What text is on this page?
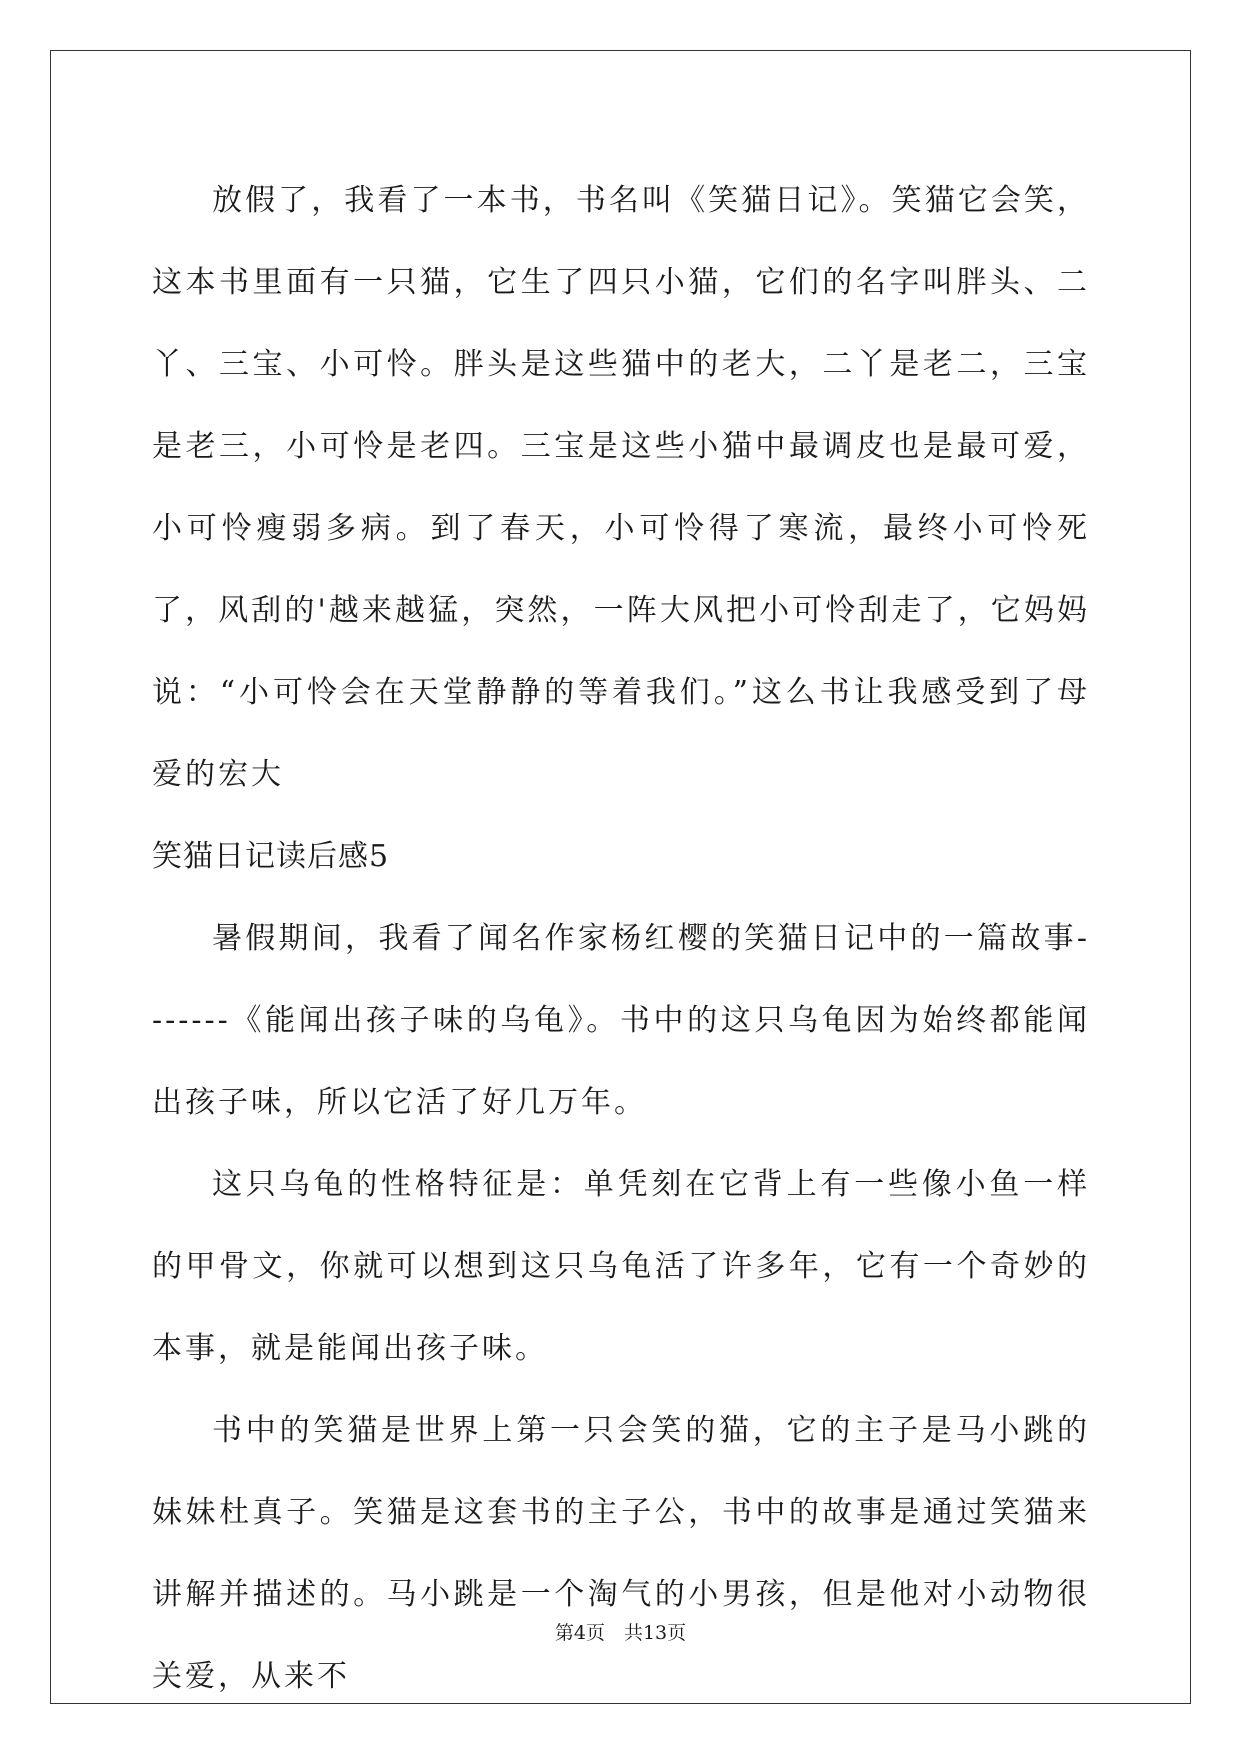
放假了，我看了一本书，书名叫《笑猫日记》。笑猫它会笑，这本书里面有一只猫，它生了四只小猫，它们的名字叫胖头、二丫、三宝、小可怜。胖头是这些猫中的老大，二丫是老二，三宝是老三，小可怜是老四。三宝是这些小猫中最调皮也是最可爱，小可怜瘦弱多病。到了春天，小可怜得了寒流，最终小可怜死了，风刮的'越来越猛，突然，一阵大风把小可怜刮走了，它妈妈说：“小可怜会在天堂静静的等着我们。”这么书让我感受到了母爱的宏大

笑猫日记读后感5

暑假期间，我看了闻名作家杨红樱的笑猫日记中的一篇故事-------《能闻出孩子味的乌龟》。书中的这只乌龟因为始终都能闻出孩子味，所以它活了好几万年。

这只乌龟的性格特征是：单凭刻在它背上有一些像小鱼一样的甲骨文，你就可以想到这只乌龟活了许多年，它有一个奇妙的本事，就是能闻出孩子味。

书中的笑猫是世界上第一只会笑的猫，它的主子是马小跳的妹妹杜真子。笑猫是这套书的主子公，书中的故事是通过笑猫来讲解并描述的。马小跳是一个淘气的小男孩，但是他对小动物很关爱，从来不

第4页　共13页
